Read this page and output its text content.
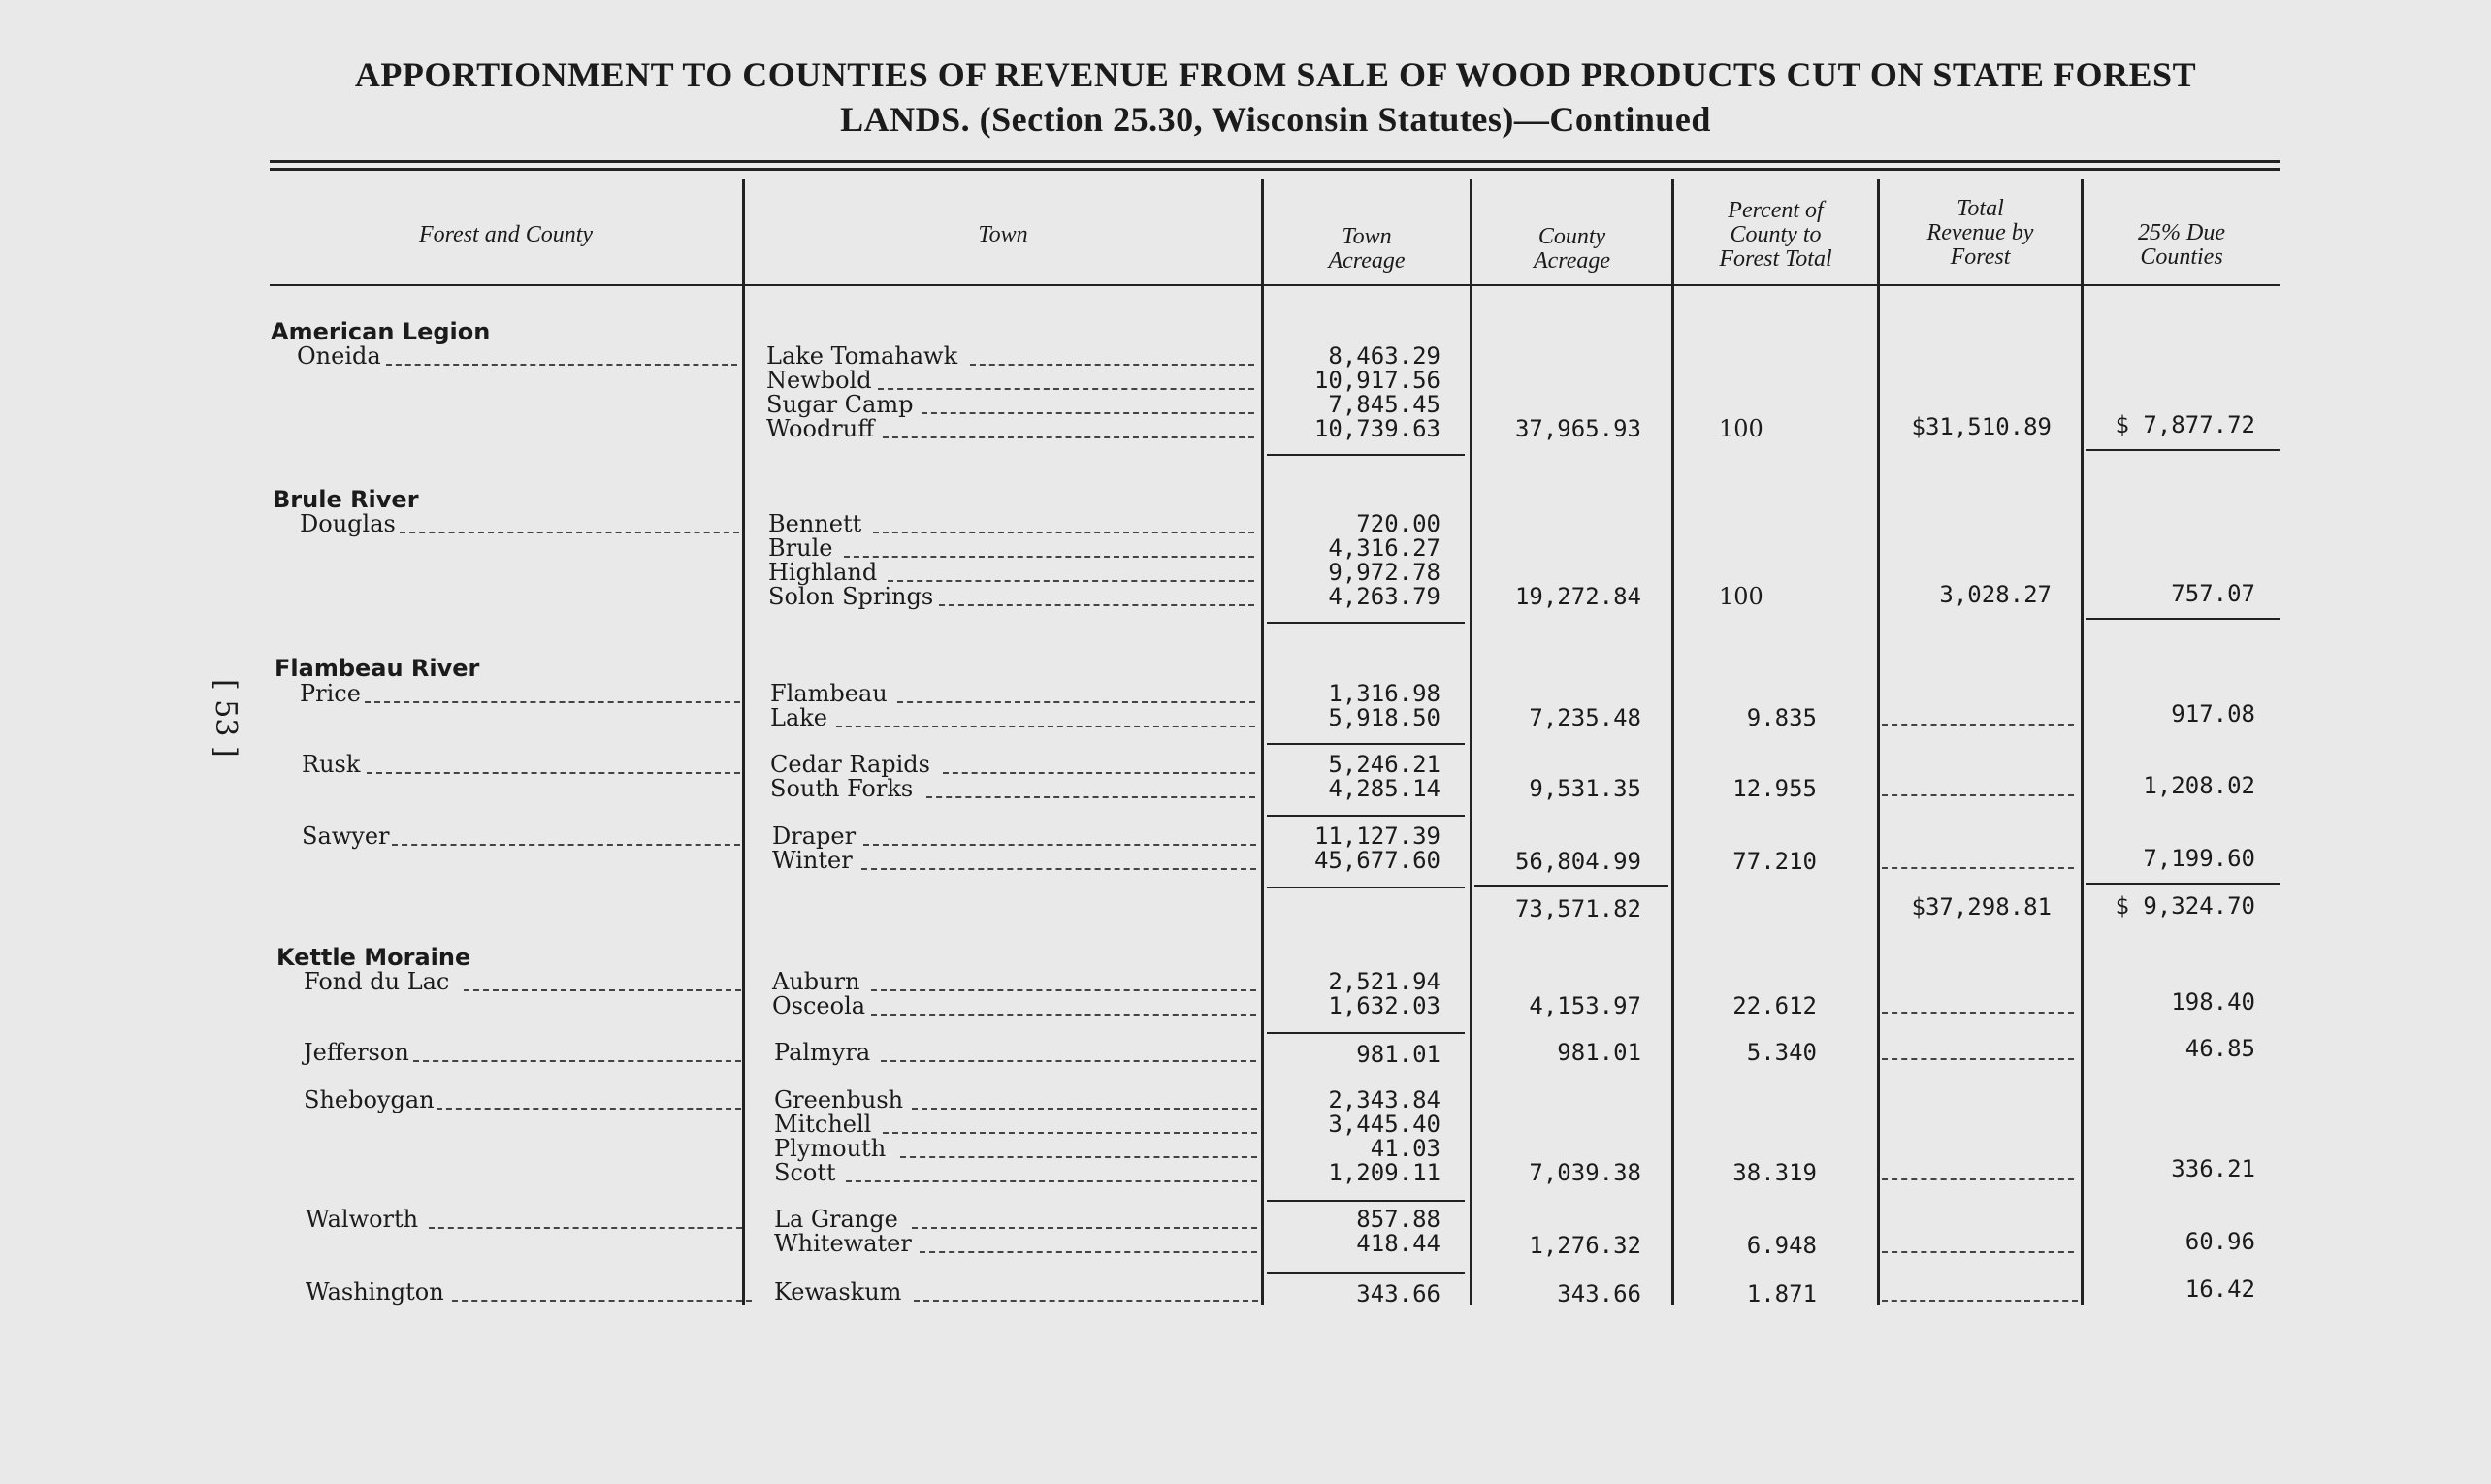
APPORTIONMENT TO COUNTIES OF REVENUE FROM SALE OF WOOD PRODUCTS CUT ON STATE FOREST
LANDS. (Section 25.30, Wisconsin Statutes)—Continued
[ 53 ]
Forest and County	Town	Town
Acreage
County
Acreage
Percent of
County to
Forest Total
Total
Revenue by
Forest
25% Due
Counties
American Legion
Brule River
Flambeau River
Kettle Moraine
Oneida
Douglas
Price
Rusk
Sawyer
Fond du Lac
Jefferson
Sheboygan
Walworth
Washington
Lake Tomahawk
Newbold
Sugar Camp
Woodruff
Bennett
Brule
Highland
Solon Springs
Flambeau
Lake
Cedar Rapids
South Forks
Draper
Winter
Auburn
Osceola
Palmyra
Greenbush
Mitchell
Plymouth
Scott
La Grange
Whitewater
Kewaskum
8,463.29
10,917.56
7,845.45
10,739.63
720.00
4,316.27
9,972.78
4,263.79
1,316.98
5,918.50
5,246.21
4,285.14
11,127.39
45,677.60
2,521.94
1,632.03
981.01
2,343.84
3,445.40
41.03
1,209.11
857.88
418.44
343.66
37,965.93
19,272.84
7,235.48
9,531.35
56,804.99
73,571.82
4,153.97
981.01
7,039.38
1,276.32
343.66
100
100
9.835
12.955
77.210
22.612
5.340
38.319
6.948
1.871
$31,510.89
3,028.27
$37,298.81
$ 7,877.72
757.07
917.08
1,208.02
7,199.60
$ 9,324.70
198.40
46.85
336.21
60.96
16.42
